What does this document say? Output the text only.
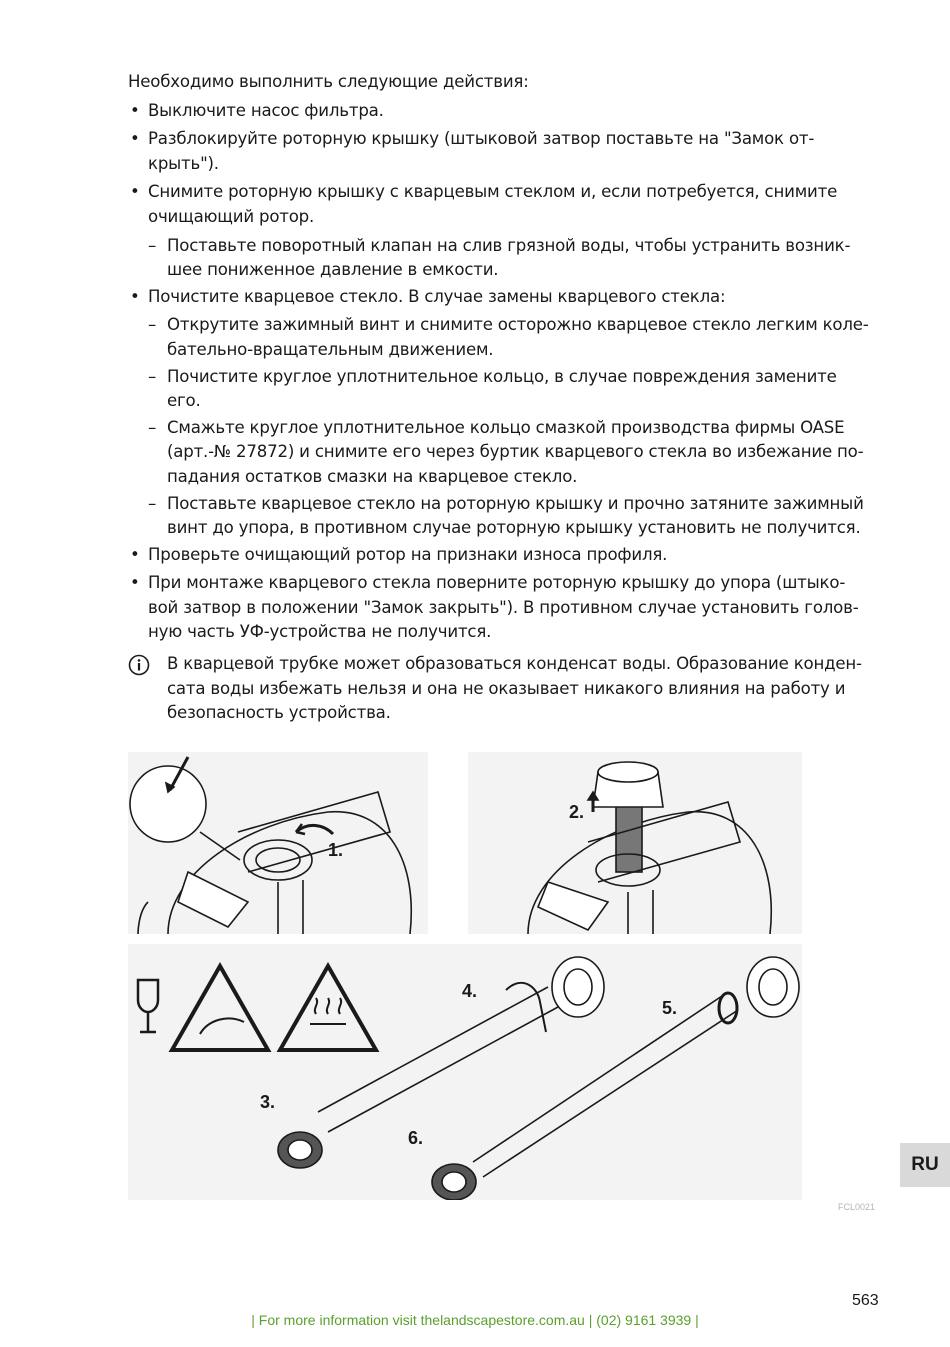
Необходимо выполнить следующие действия:
• Выключите насос фильтра.
• Разблокируйте роторную крышку (штыковой затвор поставьте на "Замок от-
крыть").
• Снимите роторную крышку с кварцевым стеклом и, если потребуется, снимите
очищающий ротор.
– Поставьте поворотный клапан на слив грязной воды, чтобы устранить возник-
шее пониженное давление в емкости.
• Почистите кварцевое стекло. В случае замены кварцевого стекла:
– Открутите зажимный винт и снимите осторожно кварцевое стекло легким коле-
бательно-вращательным движением.
– Почистите круглое уплотнительное кольцо, в случае повреждения замените
его.
– Смажьте круглое уплотнительное кольцо смазкой производства фирмы OASE
(арт.-№ 27872) и снимите его через буртик кварцевого стекла во избежание по-
падания остатков смазки на кварцевое стекло.
– Поставьте кварцевое стекло на роторную крышку и прочно затяните зажимный
винт до упора, в противном случае роторную крышку установить не получится.
• Проверьте очищающий ротор на признаки износа профиля.
• При монтаже кварцевого стекла поверните роторную крышку до упора (штыко-
вой затвор в положении "Замок закрыть"). В противном случае установить голов-
ную часть УФ-устройства не получится.
В кварцевой трубке может образоваться конденсат воды. Образование конден-
сата воды избежать нельзя и она не оказывает никакого влияния на работу и
безопасность устройства.
1.
2.
3.
4.
5.
6.
FCL0021
RU
563
| For more information visit thelandscapestore.com.au | (02) 9161 3939 |
